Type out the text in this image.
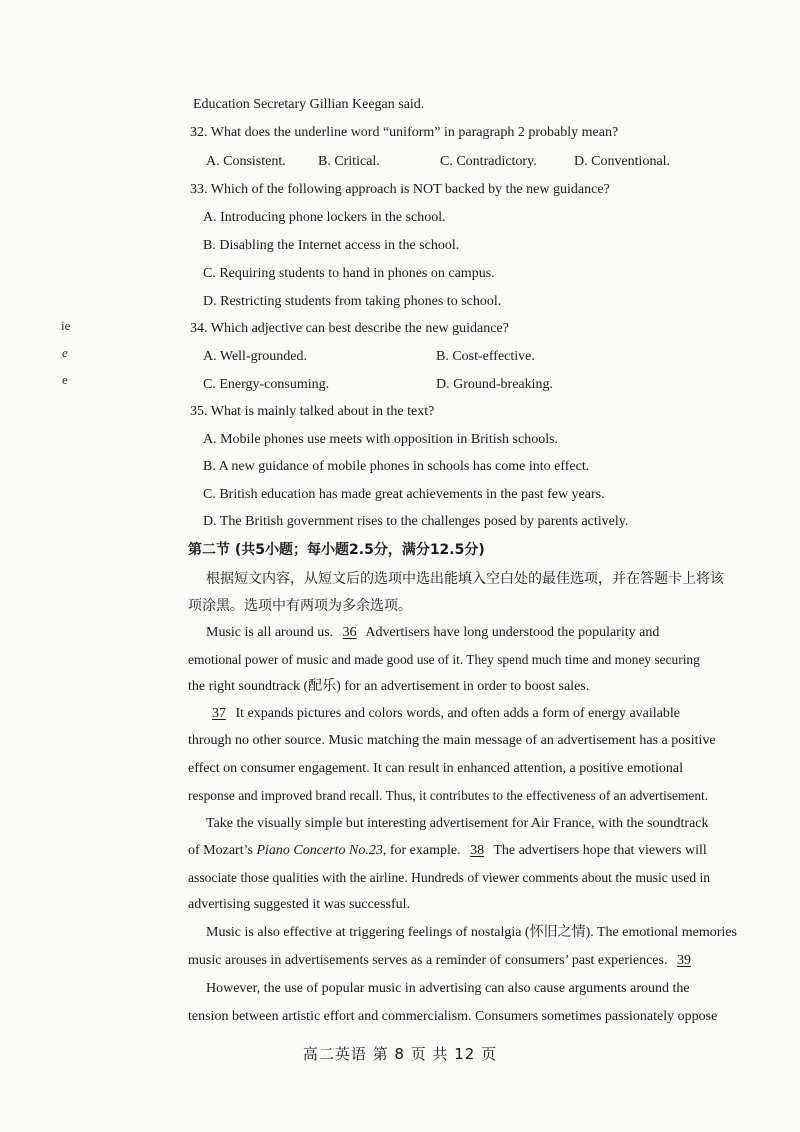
Education Secretary Gillian Keegan said.
32. What does the underline word “uniform” in paragraph 2 probably mean?
A. Consistent. B. Critical.	C. Contradictory.	D. Conventional.
33. Which of the following approach is NOT backed by the new guidance?
A. Introducing phone lockers in the school.
B. Disabling the Internet access in the school.
C. Requiring students to hand in phones on campus.
D. Restricting students from taking phones to school.
34. Which adjective can best describe the new guidance?
A. Well-grounded.	B. Cost-effective.
C. Energy-consuming.	D. Ground-breaking.
35. What is mainly talked about in the text?
A. Mobile phones use meets with opposition in British schools.
B. A new guidance of mobile phones in schools has come into effect.
C. British education has made great achievements in the past few years.
D. The British government rises to the challenges posed by parents actively.
第二节 (共5小题；每小题2.5分，满分12.5分)
根据短文内容，从短文后的选项中选出能填入空白处的最佳选项，并在答题卡上将该
项涂黑。选项中有两项为多余选项。
Music is all around us. 36 Advertisers have long understood the popularity and
emotional power of music and made good use of it. They spend much time and money securing
the right soundtrack (配乐) for an advertisement in order to boost sales.
37 It expands pictures and colors words, and often adds a form of energy available
through no other source. Music matching the main message of an advertisement has a positive
effect on consumer engagement. It can result in enhanced attention, a positive emotional
response and improved brand recall. Thus, it contributes to the effectiveness of an advertisement.
Take the visually simple but interesting advertisement for Air France, with the soundtrack
of Mozart’s Piano Concerto No.23, for example. 38 The advertisers hope that viewers will
associate those qualities with the airline. Hundreds of viewer comments about the music used in
advertising suggested it was successful.
Music is also effective at triggering feelings of nostalgia (怀旧之情). The emotional memories
music arouses in advertisements serves as a reminder of consumers’ past experiences. 39
However, the use of popular music in advertising can also cause arguments around the
tension between artistic effort and commercialism. Consumers sometimes passionately oppose
ie
e
e
高二英语 第 8 页 共 12 页
